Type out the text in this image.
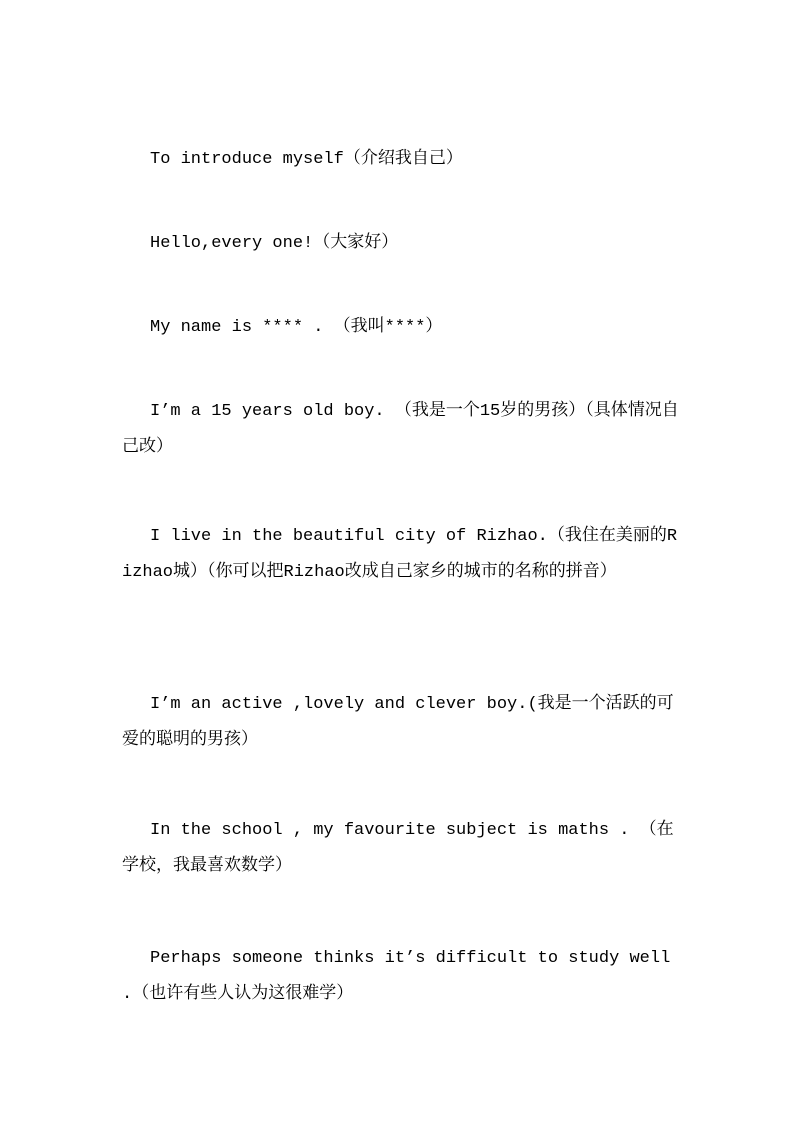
To introduce myself（介绍我自己）

Hello,every one!（大家好）

My name is **** . （我叫****）

I’m a 15 years old boy. （我是一个15岁的男孩）（具体情况自己改）

I live in the beautiful city of Rizhao.（我住在美丽的Rizhao城）（你可以把Rizhao改成自己家乡的城市的名称的拼音）

I’m an active ,lovely and clever boy.(我是一个活跃的可爱的聪明的男孩）

In the school , my favourite subject is maths . （在学校，我最喜欢数学）

Perhaps someone thinks it’s difficult to study well .（也许有些人认为这很难学）
